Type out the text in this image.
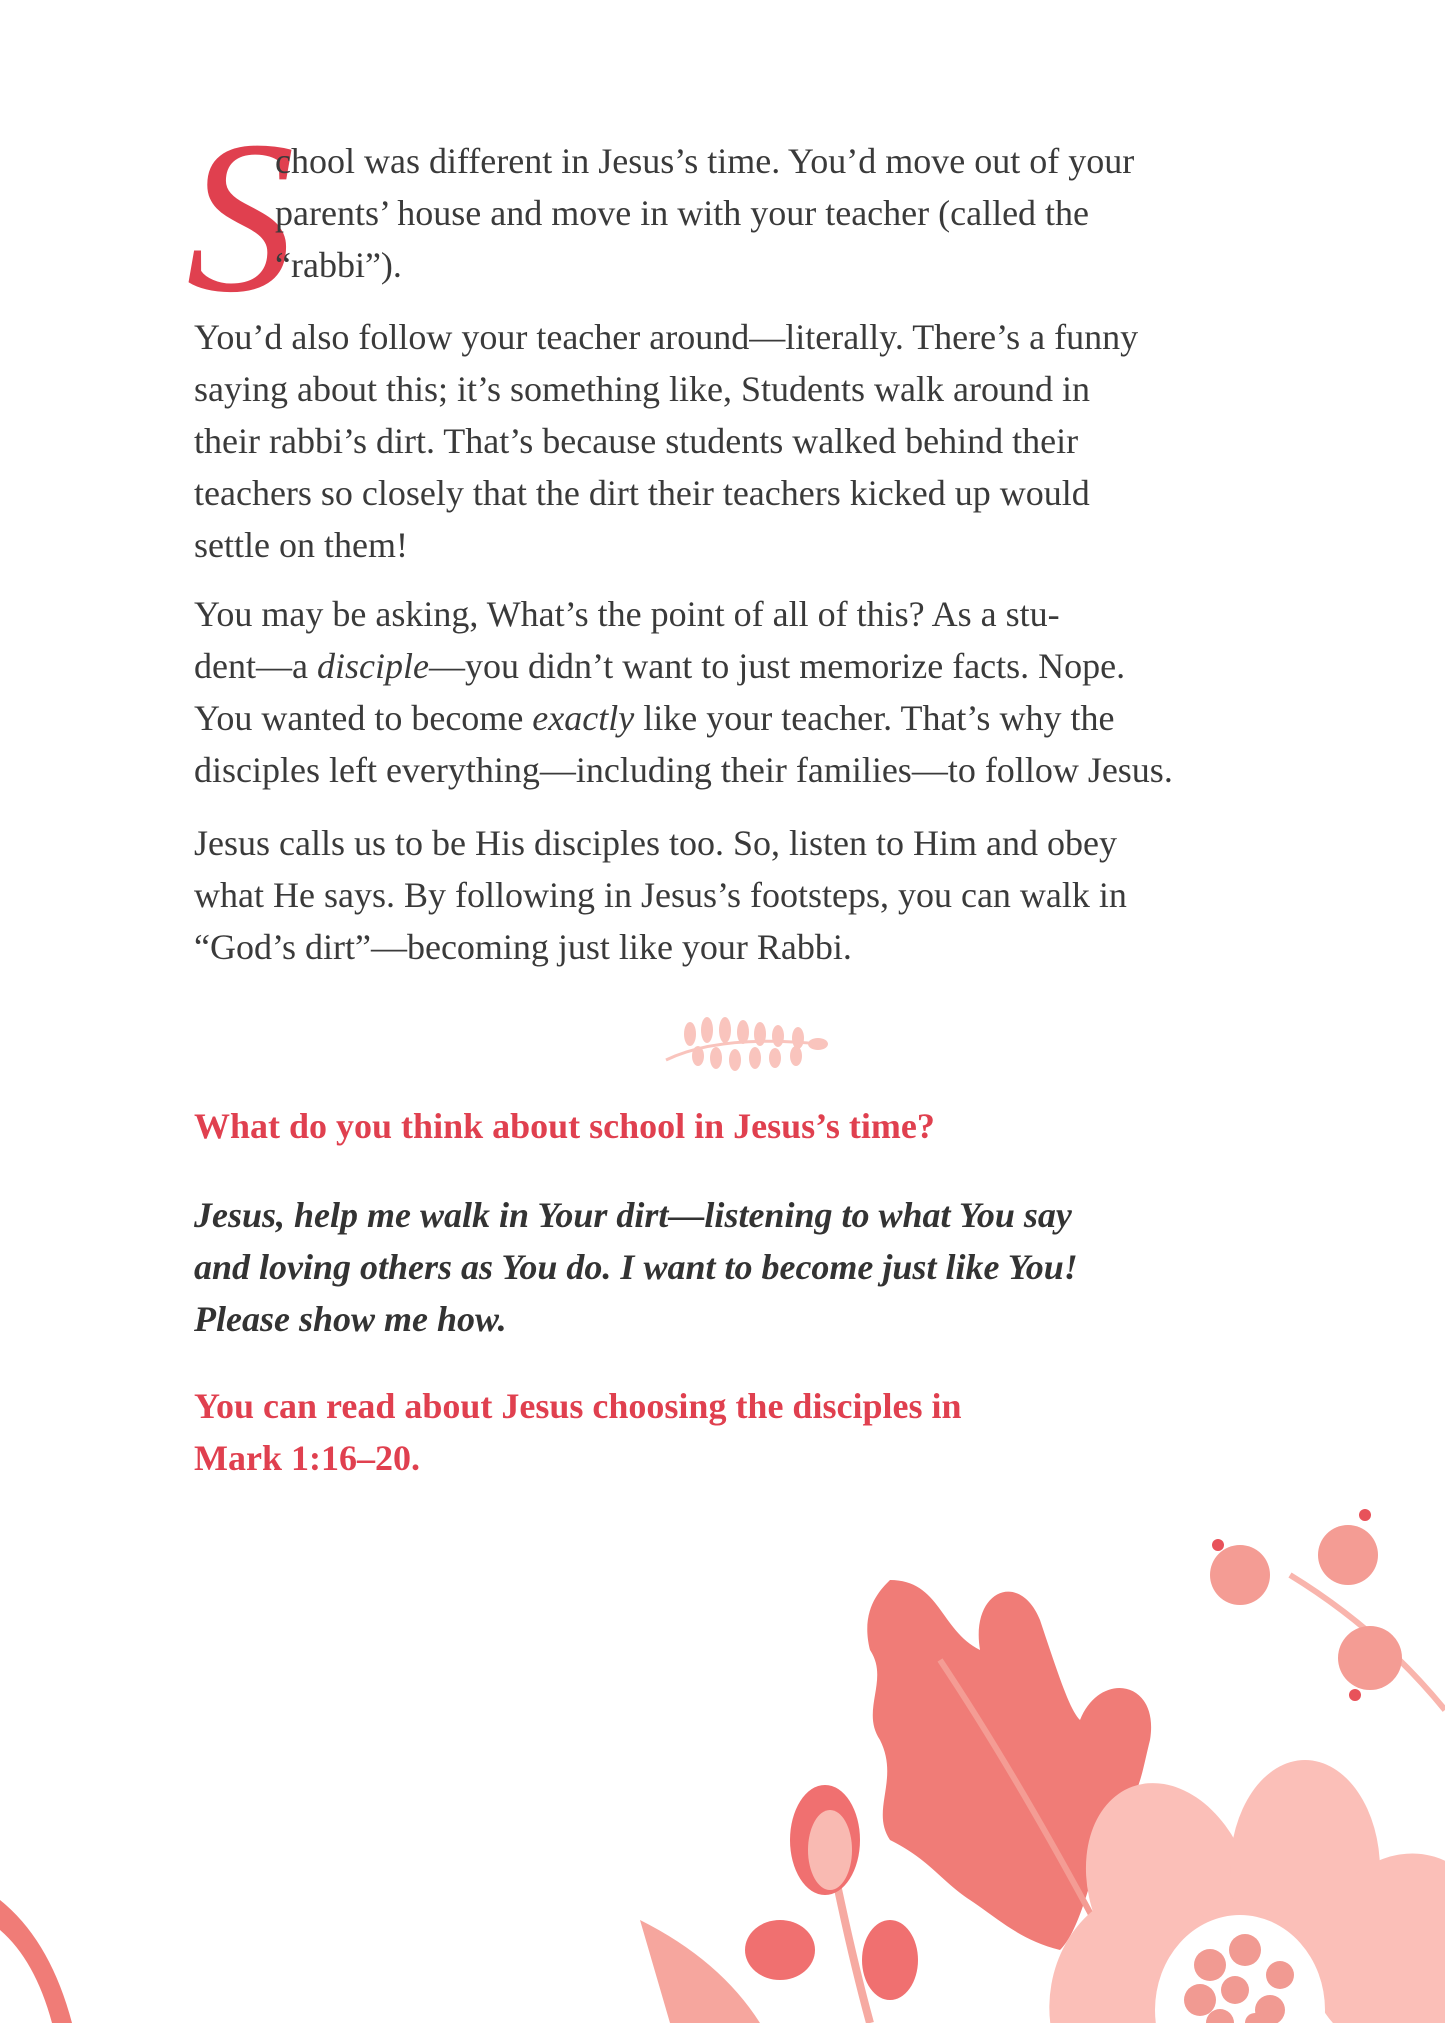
S
chool was different in Jesus’s time. You’d move out of your
parents’ house and move in with your teacher (called the
“rabbi”).
You’d also follow your teacher around—literally. There’s a funny
saying about this; it’s something like, Students walk around in
their rabbi’s dirt. That’s because students walked behind their
teachers so closely that the dirt their teachers kicked up would
settle on them!
You may be asking, What’s the point of all of this? As a stu-
dent—a disciple—you didn’t want to just memorize facts. Nope.
You wanted to become exactly like your teacher. That’s why the
disciples left everything—including their families—to follow Jesus.
Jesus calls us to be His disciples too. So, listen to Him and obey
what He says. By following in Jesus’s footsteps, you can walk in
“God’s dirt”—becoming just like your Rabbi.
What do you think about school in Jesus’s time?
Jesus, help me walk in Your dirt—listening to what You say
and loving others as You do. I want to become just like You!
Please show me how.
You can read about Jesus choosing the disciples in
Mark 1:16–20.
